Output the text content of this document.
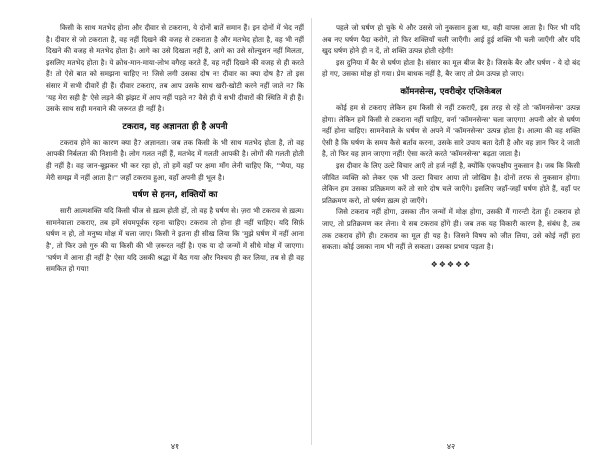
किसी के साथ मतभेद होना और दीवार से टकराना, ये दोनों बातें समान हैं। इन दोनों में भेद नहीं है। दीवार से जो टकराता है, वह नहीं दिखने की वजह से टकराता है और मतभेद होता है, वह भी नहीं दिखने की वजह से मतभेद होता है। आगे का उसे दिखता नहीं है, आगे का उसे सोल्युशन नहीं मिलता, इसलिए मतभेद होता है। ये क्रोध-मान-माया-लोभ वगैरह करते हैं, वह नहीं दिखने की वजह से ही करते हैं! तो ऐसे बात को समझना चाहिए न! जिसे लगी उसका दोष न! दीवार का क्या दोष है? तो इस संसार में सभी दीवारें ही हैं। दीवार टकराए, तब आप उसके साथ खरी-खोटी करने नहीं जाते न? कि 'यह मेरा सही है' ऐसे लड़ने की झंझट में आप नहीं पड़ते न? वैसे ही ये सभी दीवारों की स्थिति में ही हैं। उसके साथ सही मनवाने की जरूरत ही नहीं है।

टकराव, वह अज्ञानता ही है अपनी

टकराव होने का कारण क्या है? अज्ञानता। जब तक किसी के भी साथ मतभेद होता है, तो वह आपकी निर्बलता की निशानी है। लोग गलत नहीं हैं, मतभेद में गलती आपकी है। लोगों की गलती होती ही नहीं है। वह जान-बूझकर भी कर रहा हो, तो हमें वहाँ पर क्षमा माँग लेनी चाहिए कि, ''भैया, यह मेरी समझ में नहीं आता है।'' जहाँ टकराव हुआ, वहाँ अपनी ही भूल है।

घर्षण से हनन, शक्तियों का

सारी आत्मशक्ति यदि किसी चीज से ख़त्म होती हों, तो वह है घर्षण से। ज़रा भी टकराव से ख़त्म। सामनेवाला टकराए, तब हमें संयमपूर्वक रहना चाहिए। टकराव तो होना ही नहीं चाहिए। यदि सिर्फ़ घर्षण न हो, तो मनुष्य मोक्ष में चला जाए। किसी ने इतना ही सीख लिया कि 'मुझे घर्षण में नहीं आना है', तो फिर उसे गुरु की या किसी की भी ज़रूरत नहीं है। एक या दो जन्मों में सीधे मोक्ष में जाएगा। 'घर्षण में आना ही नहीं है' ऐसा यदि उसकी श्रद्धा में बैठ गया और निश्चय ही कर लिया, तब से ही वह समकित हो गया!

४१

पहले जो घर्षण हो चुके थे और उससे जो नुकसान हुआ था, वही वापस आता है। फिर भी यदि अब नए घर्षण पैदा करोगे, तो फिर शक्तियाँ चली जाएँगी। आई हुई शक्ति भी चली जाएँगी और यदि खुद घर्षण होने ही न दें, तो शक्ति उत्पन्न होती रहेगी!

इस दुनिया में बैर से घर्षण होता है। संसार का मूल बीज बैर है। जिसके बैर और घर्षण - ये दो बंद हो गए, उसका मोक्ष हो गया। प्रेम बाधक नहीं है, बैर जाए तो प्रेम उत्पन्न हो जाए।

कॉमनसेन्स, एवरीव्हेर एप्लिकेबल

कोई हम से टकराए लेकिन हम किसी से नहीं टकराएँ, इस तरह से रहें तो 'कॉमनसेन्स' उत्पन्न होगा। लेकिन हमें किसी से टकराना नहीं चाहिए, वर्ना 'कॉमनसेन्स' चला जाएगा! अपनी ओर से घर्षण नहीं होना चाहिए। सामनेवाले के घर्षण से अपने में 'कॉमनसेन्स' उत्पन्न होता है। आत्मा की वह शक्ति ऐसी है कि घर्षण के समय कैसे बर्ताव करना, उसके सारे उपाय बता देती है और वह ज्ञान फिर दे जाती है, तो फिर वह ज्ञान जाएगा नहीं! ऐसा करते करते 'कॉमनसेन्स' बढ़ता जाता है।

इस दीवार के लिए उल्टे विचार आएँ तो हर्ज नहीं है, क्योंकि एकपक्षीय नुकसान है। जब कि किसी जीवित व्यक्ति को लेकर एक भी उल्टा विचार आया तो जोखिम है। दोनों तरफ से नुकसान होगा। लेकिन हम उसका प्रतिक्रमण करें तो सारे दोष चले जाएँगे। इसलिए जहाँ-जहाँ घर्षण होते हैं, वहाँ पर प्रतिक्रमण करो, तो घर्षण ख़त्म हो जाएँगे।

जिसे टकराव नहीं होगा, उसका तीन जन्मों में मोक्ष होगा, उसकी मैं गारन्टी देता हूँ। टकराव हो जाए, तो प्रतिक्रमण कर लेना। ये सब टकराव होंगे ही। जब तक यह विकारी कारण है, संबंध है, तब तक टकराव होंगे ही। टकराव का मूल ही यह है। जिसने विषय को जीत लिया, उसे कोई नहीं हरा सकता। कोई उसका नाम भी नहीं ले सकता। उसका प्रभाव पड़ता है।

❖❖❖❖❖
४२
